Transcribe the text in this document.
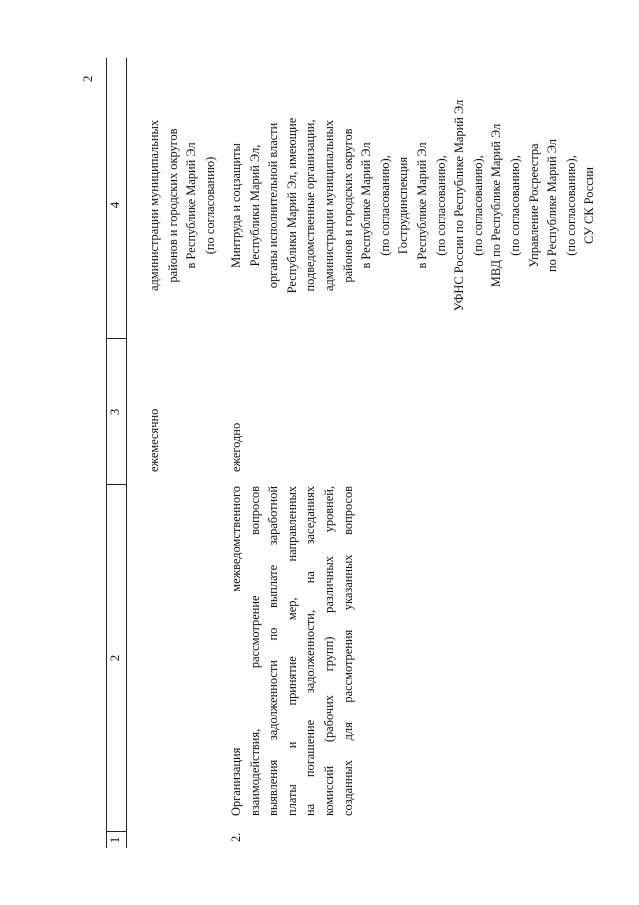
2
1
2
3
4
ежемесячно
администрации муниципальных
районов и городских округов
в Республике Марий Эл
(по согласованию)
2.
Организация межведомственного
взаимодействия, рассмотрение вопросов
выявления задолженности по выплате заработной
платы и принятие мер, направленных
на погашение задолженности, на заседаниях
комиссий (рабочих групп) различных уровней,
созданных для рассмотрения указанных вопросов
ежегодно
Минтруда и соцзащиты
Республики Марий Эл,
органы исполнительной власти
Республики Марий Эл, имеющие
подведомственные организации,
администрации муниципальных
районов и городских округов
в Республике Марий Эл
(по согласованию),
Гострудинспекция
в Республике Марий Эл
(по согласованию),
УФНС России по Республике Марий Эл
(по согласованию),
МВД по Республике Марий Эл
(по согласованию),
Управление Росреестра
по Республике Марий Эл
(по согласованию),
СУ СК России
